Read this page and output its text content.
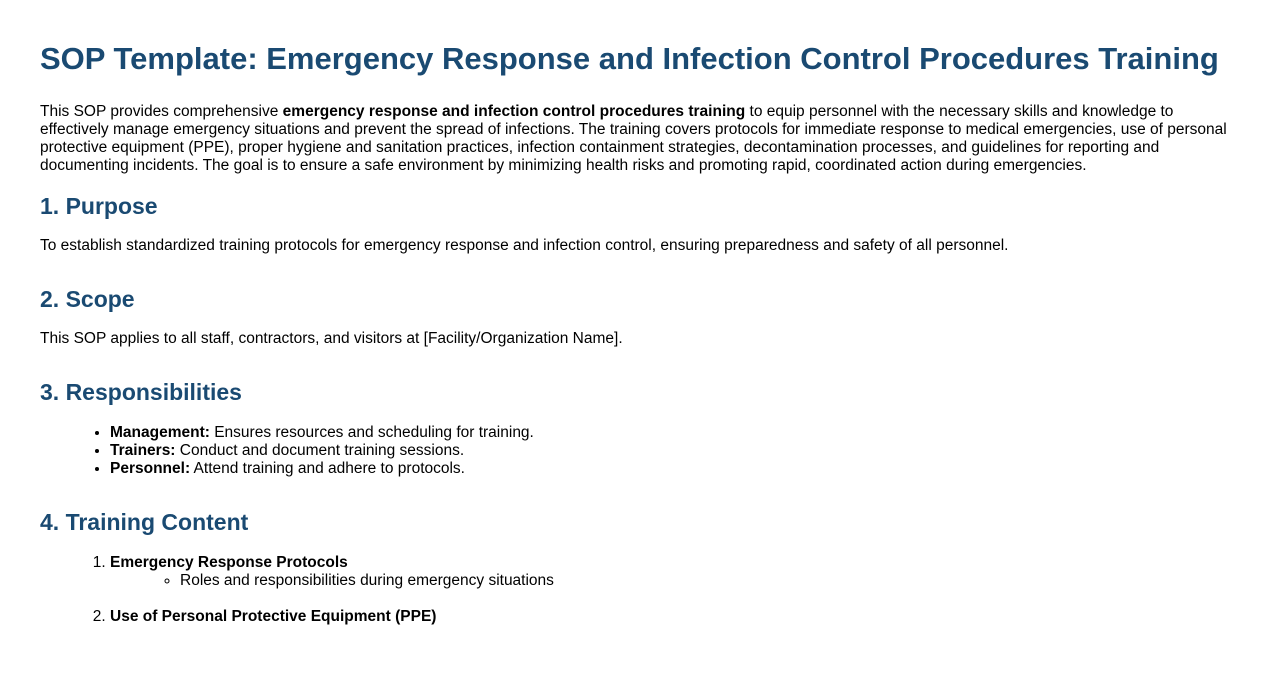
SOP Template: Emergency Response and Infection Control Procedures Training

This SOP provides comprehensive emergency response and infection control procedures training to equip personnel with the necessary skills and knowledge to effectively manage emergency situations and prevent the spread of infections. The training covers protocols for immediate response to medical emergencies, use of personal protective equipment (PPE), proper hygiene and sanitation practices, infection containment strategies, decontamination processes, and guidelines for reporting and documenting incidents. The goal is to ensure a safe environment by minimizing health risks and promoting rapid, coordinated action during emergencies.

1. Purpose

To establish standardized training protocols for emergency response and infection control, ensuring preparedness and safety of all personnel.

2. Scope

This SOP applies to all staff, contractors, and visitors at [Facility/Organization Name].

3. Responsibilities
• Management: Ensures resources and scheduling for training.
• Trainers: Conduct and document training sessions.
• Personnel: Attend training and adhere to protocols.
4. Training Content
1. Emergency Response Protocols
◦ Roles and responsibilities during emergency situations
2. Use of Personal Protective Equipment (PPE)
